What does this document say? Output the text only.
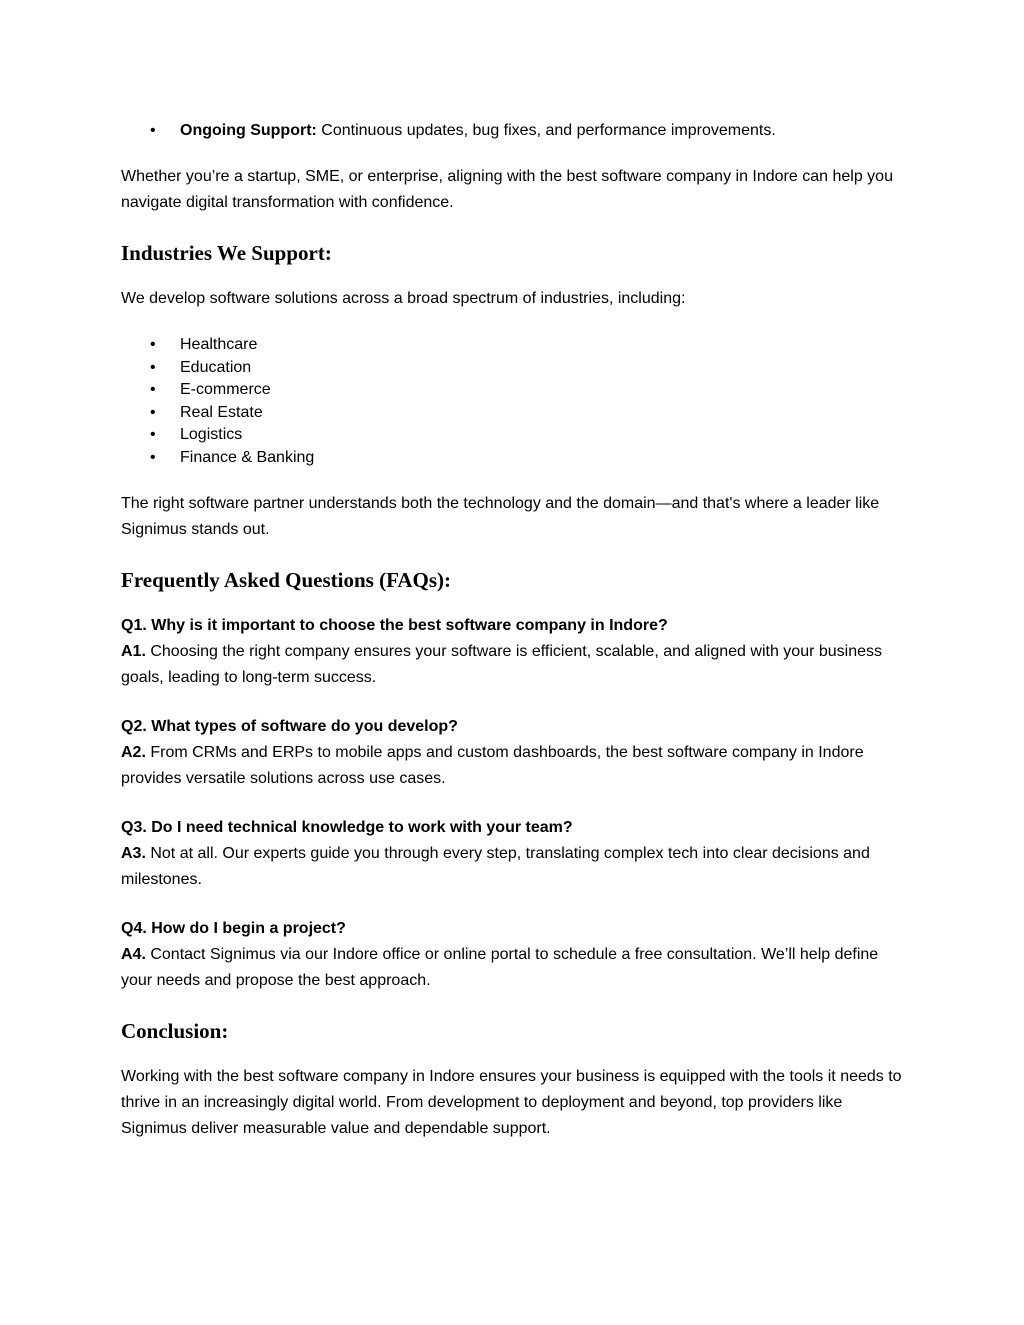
• Ongoing Support: Continuous updates, bug fixes, and performance improvements.

Whether you’re a startup, SME, or enterprise, aligning with the best software company in Indore can help you navigate digital transformation with confidence.

Industries We Support:

We develop software solutions across a broad spectrum of industries, including:

• Healthcare
• Education
• E-commerce
• Real Estate
• Logistics
• Finance & Banking

The right software partner understands both the technology and the domain—and that's where a leader like Signimus stands out.

Frequently Asked Questions (FAQs):

Q1. Why is it important to choose the best software company in Indore?

A1. Choosing the right company ensures your software is efficient, scalable, and aligned with your business goals, leading to long-term success.

Q2. What types of software do you develop?

A2. From CRMs and ERPs to mobile apps and custom dashboards, the best software company in Indore provides versatile solutions across use cases.

Q3. Do I need technical knowledge to work with your team?

A3. Not at all. Our experts guide you through every step, translating complex tech into clear decisions and milestones.

Q4. How do I begin a project?

A4. Contact Signimus via our Indore office or online portal to schedule a free consultation. We’ll help define your needs and propose the best approach.

Conclusion:

Working with the best software company in Indore ensures your business is equipped with the tools it needs to thrive in an increasingly digital world. From development to deployment and beyond, top providers like Signimus deliver measurable value and dependable support.
